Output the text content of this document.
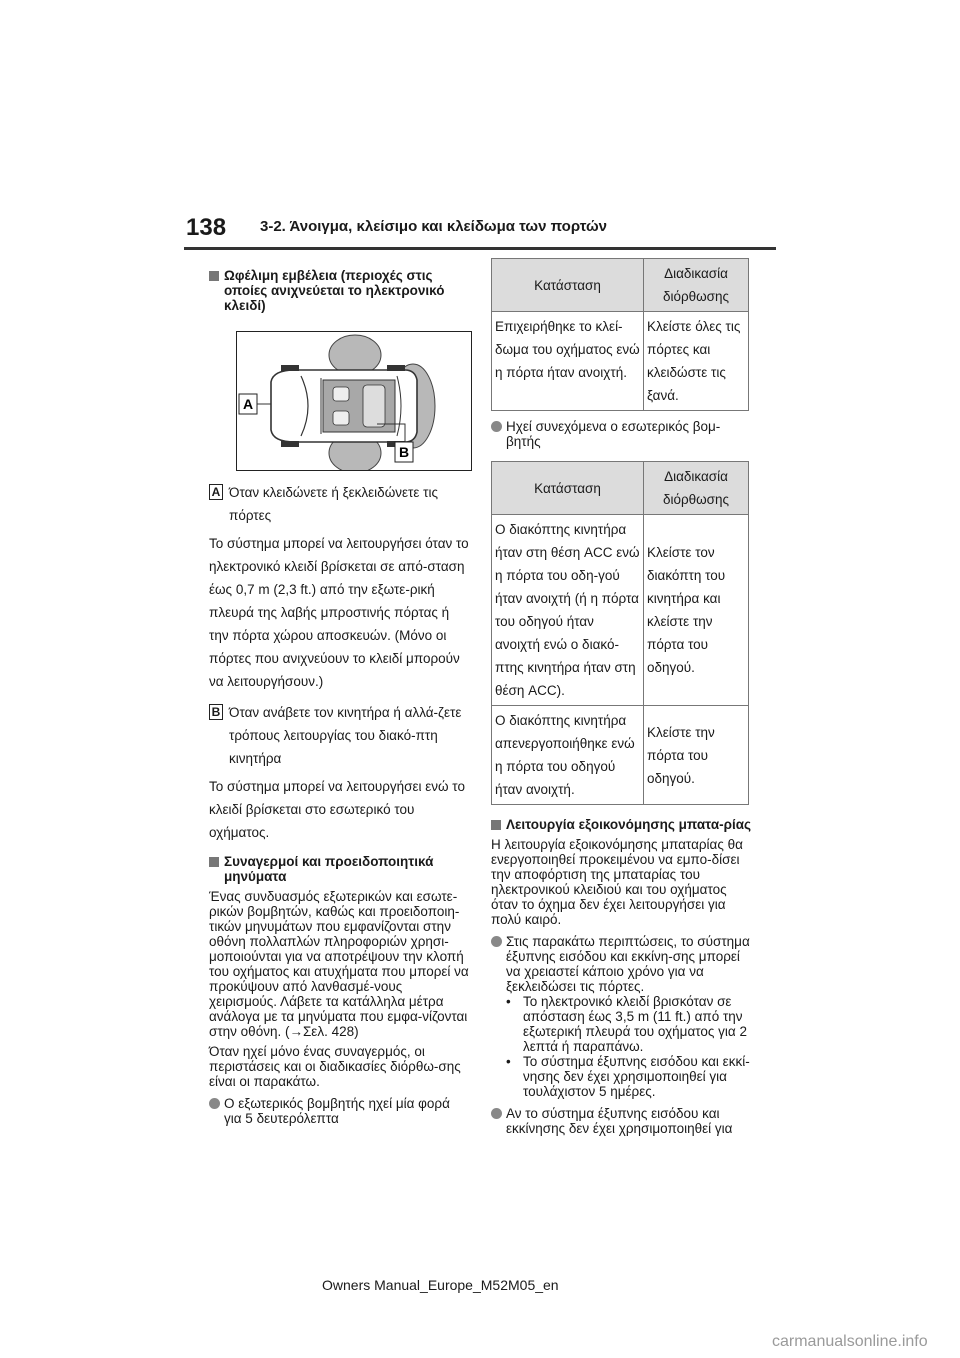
138 3-2. Άνοιγμα, κλείσιμο και κλείδωμα των πορτών
Ωφέλιμη εμβέλεια (περιοχές στις οποίες ανιχνεύεται το ηλεκτρονικό κλειδί)
A
B
A Όταν κλειδώνετε ή ξεκλειδώνετε τις πόρτες
Το σύστημα μπορεί να λειτουργήσει όταν το ηλεκτρονικό κλειδί βρίσκεται σε από-σταση έως 0,7 m (2,3 ft.) από την εξωτε-ρική πλευρά της λαβής μπροστινής πόρτας ή την πόρτα χώρου αποσκευών. (Μόνο οι πόρτες που ανιχνεύουν το κλειδί μπορούν να λειτουργήσουν.)
B Όταν ανάβετε τον κινητήρα ή αλλά-ζετε τρόπους λειτουργίας του διακό-πτη κινητήρα
Το σύστημα μπορεί να λειτουργήσει ενώ το κλειδί βρίσκεται στο εσωτερικό του οχήματος.
Συναγερμοί και προειδοποιητικά μηνύματα
Ένας συνδυασμός εξωτερικών και εσωτε-ρικών βομβητών, καθώς και προειδοποιη-τικών μηνυμάτων που εμφανίζονται στην οθόνη πολλαπλών πληροφοριών χρησι-μοποιούνται για να αποτρέψουν την κλοπή του οχήματος και ατυχήματα που μπορεί να προκύψουν από λανθασμέ-νους χειρισμούς. Λάβετε τα κατάλληλα μέτρα ανάλογα με τα μηνύματα που εμφα-νίζονται στην οθόνη. (→Σελ. 428)
Όταν ηχεί μόνο ένας συναγερμός, οι περιστάσεις και οι διαδικασίες διόρθω-σης είναι οι παρακάτω.
Ο εξωτερικός βομβητής ηχεί μία φορά για 5 δευτερόλεπτα
Κατάσταση	Διαδικασία διόρθωσης
Επιχειρήθηκε το κλεί-δωμα του οχήματος ενώ η πόρτα ήταν ανοιχτή.	Κλείστε όλες τις πόρτες και κλειδώστε τις ξανά.
Ηχεί συνεχόμενα ο εσωτερικός βομ-βητής
Κατάσταση	Διαδικασία διόρθωσης
Ο διακόπτης κινητήρα ήταν στη θέση ACC ενώ η πόρτα του οδη-γού ήταν ανοιχτή (ή η πόρτα του οδηγού ήταν ανοιχτή ενώ ο διακό-πτης κινητήρα ήταν στη θέση ACC).	Κλείστε τον διακόπτη του κινητήρα και κλείστε την πόρτα του οδηγού.
Ο διακόπτης κινητήρα απενεργοποιήθηκε ενώ η πόρτα του οδηγού ήταν ανοιχτή.	Κλείστε την πόρτα του οδηγού.
Λειτουργία εξοικονόμησης μπατα-ρίας
Η λειτουργία εξοικονόμησης μπαταρίας θα ενεργοποιηθεί προκειμένου να εμπο-δίσει την αποφόρτιση της μπαταρίας του ηλεκτρονικού κλειδιού και του οχήματος όταν το όχημα δεν έχει λειτουργήσει για πολύ καιρό.
Στις παρακάτω περιπτώσεις, το σύστημα έξυπνης εισόδου και εκκίνη-σης μπορεί να χρειαστεί κάποιο χρόνο για να ξεκλειδώσει τις πόρτες.
• Το ηλεκτρονικό κλειδί βρισκόταν σε απόσταση έως 3,5 m (11 ft.) από την εξωτερική πλευρά του οχήματος για 2 λεπτά ή παραπάνω.
• Το σύστημα έξυπνης εισόδου και εκκί-νησης δεν έχει χρησιμοποιηθεί για τουλάχιστον 5 ημέρες.
Αν το σύστημα έξυπνης εισόδου και εκκίνησης δεν έχει χρησιμοποιηθεί για
Owners Manual_Europe_M52M05_en
carmanualsonline.info
